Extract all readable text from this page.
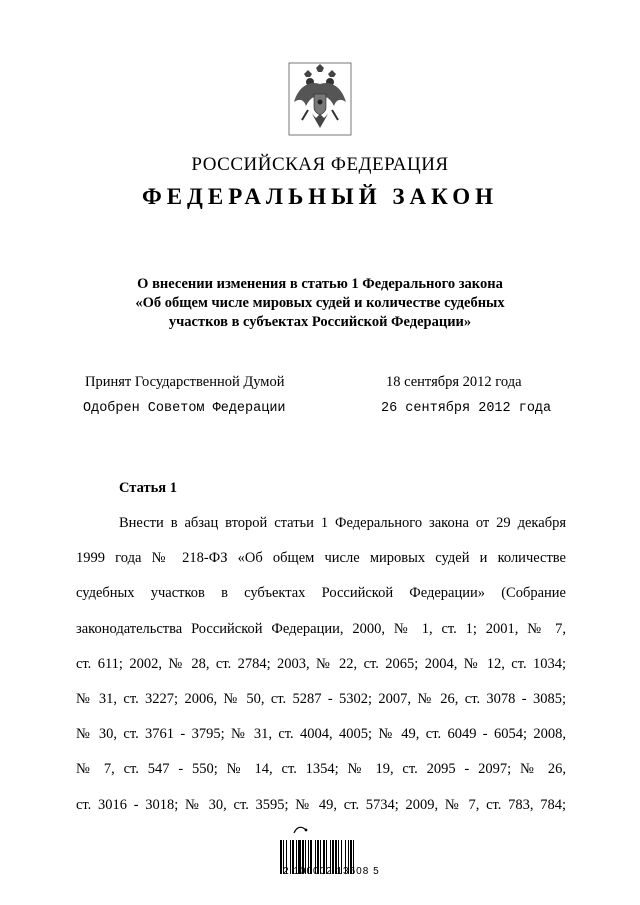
РОССИЙСКАЯ ФЕДЕРАЦИЯ
ФЕДЕРАЛЬНЫЙ ЗАКОН
О внесении изменения в статью 1 Федерального закона
«Об общем числе мировых судей и количестве судебных
участков в субъектах Российской Федерации»
Принят Государственной Думой	18 сентября 2012 года
Одобрен Советом Федерации	26 сентября 2012 года
Статья 1
Внести в абзац второй статьи 1 Федерального закона от 29 декабря
1999 года № 218-ФЗ «Об общем числе мировых судей и количестве
судебных участков в субъектах Российской Федерации» (Собрание
законодательства Российской Федерации, 2000, № 1, ст. 1; 2001, № 7,
ст. 611; 2002, № 28, ст. 2784; 2003, № 22, ст. 2065; 2004, № 12, ст. 1034;
№ 31, ст. 3227; 2006, № 50, ст. 5287 - 5302; 2007, № 26, ст. 3078 - 3085;
№ 30, ст. 3761 - 3795; № 31, ст. 4004, 4005; № 49, ст. 6049 - 6054; 2008,
№ 7, ст. 547 - 550; № 14, ст. 1354; № 19, ст. 2095 - 2097; № 26,
ст. 3016 - 3018; № 30, ст. 3595; № 49, ст. 5734; 2009, № 7, ст. 783, 784;
2 100002 13608 5
